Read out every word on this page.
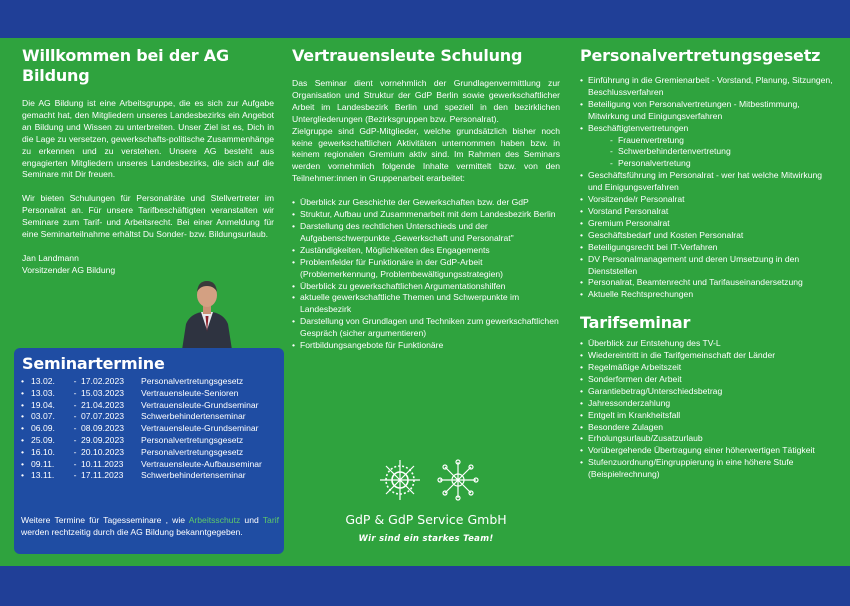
Willkommen bei der AG Bildung

Die AG Bildung ist eine Arbeitsgruppe, die es sich zur Aufgabe gemacht hat, den Mitgliedern unseres Landesbezirks ein Angebot an Bildung und Wissen zu unterbreiten. Unser Ziel ist es, Dich in die Lage zu versetzen, gewerkschafts-politische Zusammenhänge zu erkennen und zu verstehen. Unsere AG besteht aus engagierten Mitgliedern unseres Landesbezirks, die sich auf die Seminare mit Dir freuen.

Wir bieten Schulungen für Personalräte und Stellvertreter im Personalrat an. Für unsere Tarifbeschäftigten veranstalten wir Seminare zum Tarif- und Arbeitsrecht. Bei einer Anmeldung für eine Seminarteilnahme erhältst Du Sonder- bzw. Bildungsurlaub.

Jan Landmann

Vorsitzender AG Bildung

Seminartermine
• 13.02.	- 17.02.2023	Personalvertretungsgesetz
• 13.03.	- 15.03.2023	Vertrauensleute-Senioren
• 19.04.	- 21.04.2023	Vertrauensleute-Grundseminar
• 03.07.	- 07.07.2023	Schwerbehindertenseminar
• 06.09.	- 08.09.2023	Vertrauensleute-Grundseminar
• 25.09.	- 29.09.2023	Personalvertretungsgesetz
• 16.10.	- 20.10.2023	Personalvertretungsgesetz
• 09.11.	- 10.11.2023	Vertrauensleute-Aufbauseminar
• 13.11.	- 17.11.2023	Schwerbehindertenseminar
Weitere Termine für Tagesseminare , wie Arbeitsschutz und Tarif werden rechtzeitig durch die AG Bildung bekanntgegeben.
Vertrauensleute Schulung

Das Seminar dient vornehmlich der Grundlagenvermittlung zur Organisation und Struktur der GdP Berlin sowie gewerkschaftlicher Arbeit im Landesbezirk Berlin und speziell in den bezirklichen Untergliederungen (Bezirksgruppen bzw. Personalrat).

Zielgruppe sind GdP-Mitglieder, welche grundsätzlich bisher noch keine gewerkschaftlichen Aktivitäten unternommen haben bzw. in keinem regionalen Gremium aktiv sind. Im Rahmen des Seminars werden vornehmlich folgende Inhalte vermittelt bzw. von den Teilnehmer:innen in Gruppenarbeit erarbeitet:

• Überblick zur Geschichte der Gewerkschaften bzw. der GdP
• Struktur, Aufbau und Zusammenarbeit mit dem Landesbezirk Berlin
• Darstellung des rechtlichen Unterschieds und der Aufgabenschwerpunkte „Gewerkschaft und Personalrat"
• Zuständigkeiten, Möglichkeiten des Engagements
• Problemfelder für Funktionäre in der GdP-Arbeit (Problemerkennung, Problembewältigungsstrategien)
• Überblick zu gewerkschaftlichen Argumentationshilfen
• aktuelle gewerkschaftliche Themen und Schwerpunkte im Landesbezirk
• Darstellung von Grundlagen und Techniken zum gewerkschaftlichen Gespräch (sicher argumentieren)
• Fortbildungsangebote für Funktionäre
GdP & GdP Service GmbH
Wir sind ein starkes Team!
Personalvertretungsgesetz
• Einführung in die Gremienarbeit - Vorstand, Planung, Sitzungen, Beschlussverfahren
• Beteiligung von Personalvertretungen - Mitbestimmung, Mitwirkung und Einigungsverfahren
• Beschäftigtenvertretungen
- Frauenvertretung
- Schwerbehindertenvertretung
- Personalvertretung
• Geschäftsführung im Personalrat - wer hat welche Mitwirkung und Einigungsverfahren
• Vorsitzende/r Personalrat
• Vorstand Personalrat
• Gremium Personalrat
• Geschäftsbedarf und Kosten Personalrat
• Beteiligungsrecht bei IT-Verfahren
• DV Personalmanagement und deren Umsetzung in den Dienststellen
• Personalrat, Beamtenrecht und Tarifauseinandersetzung
• Aktuelle Rechtsprechungen
Tarifseminar
• Überblick zur Entstehung des TV-L
• Wiedereintritt in die Tarifgemeinschaft der Länder
• Regelmäßige Arbeitszeit
• Sonderformen der Arbeit
• Garantiebetrag/Unterschiedsbetrag
• Jahressonderzahlung
• Entgelt im Krankheitsfall
• Besondere Zulagen
• Erholungsurlaub/Zusatzurlaub
• Vorübergehende Übertragung einer höherwertigen Tätigkeit
• Stufenzuordnung/Eingruppierung in eine höhere Stufe (Beispielrechnung)
